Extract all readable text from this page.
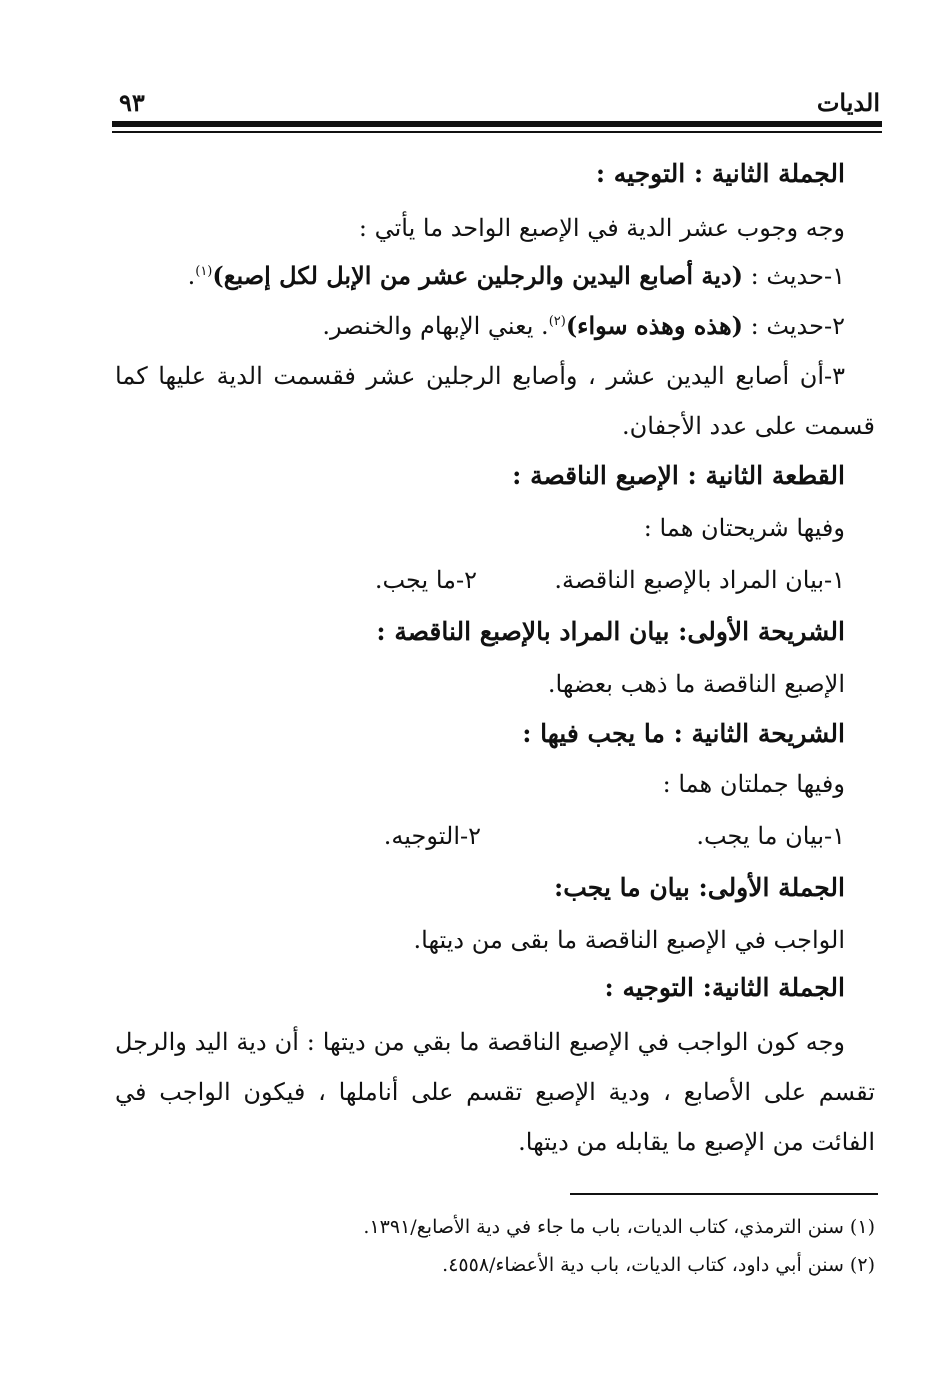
الديات
٩٣
الجملة الثانية : التوجيه :
وجه وجوب عشر الدية في الإصبع الواحد ما يأتي :
١-حديث : (دية أصابع اليدين والرجلين عشر من الإبل لكل إصبع)$^{(١)}$.
٢-حديث : (هذه وهذه سواء)$^{(٢)}$. يعني الإبهام والخنصر.
٣-أن أصابع اليدين عشر ، وأصابع الرجلين عشر فقسمت الدية عليها كما
قسمت على عدد الأجفان.
القطعة الثانية : الإصبع الناقصة :
وفيها شريحتان هما :
١-بيان المراد بالإصبع الناقصة.
٢-ما يجب.
الشريحة الأولى: بيان المراد بالإصبع الناقصة :
الإصبع الناقصة ما ذهب بعضها.
الشريحة الثانية : ما يجب فيها :
وفيها جملتان هما :
١-بيان ما يجب.
٢-التوجيه.
الجملة الأولى: بيان ما يجب:
الواجب في الإصبع الناقصة ما بقى من ديتها.
الجملة الثانية: التوجيه :
وجه كون الواجب في الإصبع الناقصة ما بقي من ديتها : أن دية اليد والرجل
تقسم على الأصابع ، ودية الإصبع تقسم على أناملها ، فيكون الواجب في
الفائت من الإصبع ما يقابله من ديتها.
(١) سنن الترمذي، كتاب الديات، باب ما جاء في دية الأصابع/١٣٩١.
(٢) سنن أبي داود، كتاب الديات، باب دية الأعضاء/٤٥٥٨.
